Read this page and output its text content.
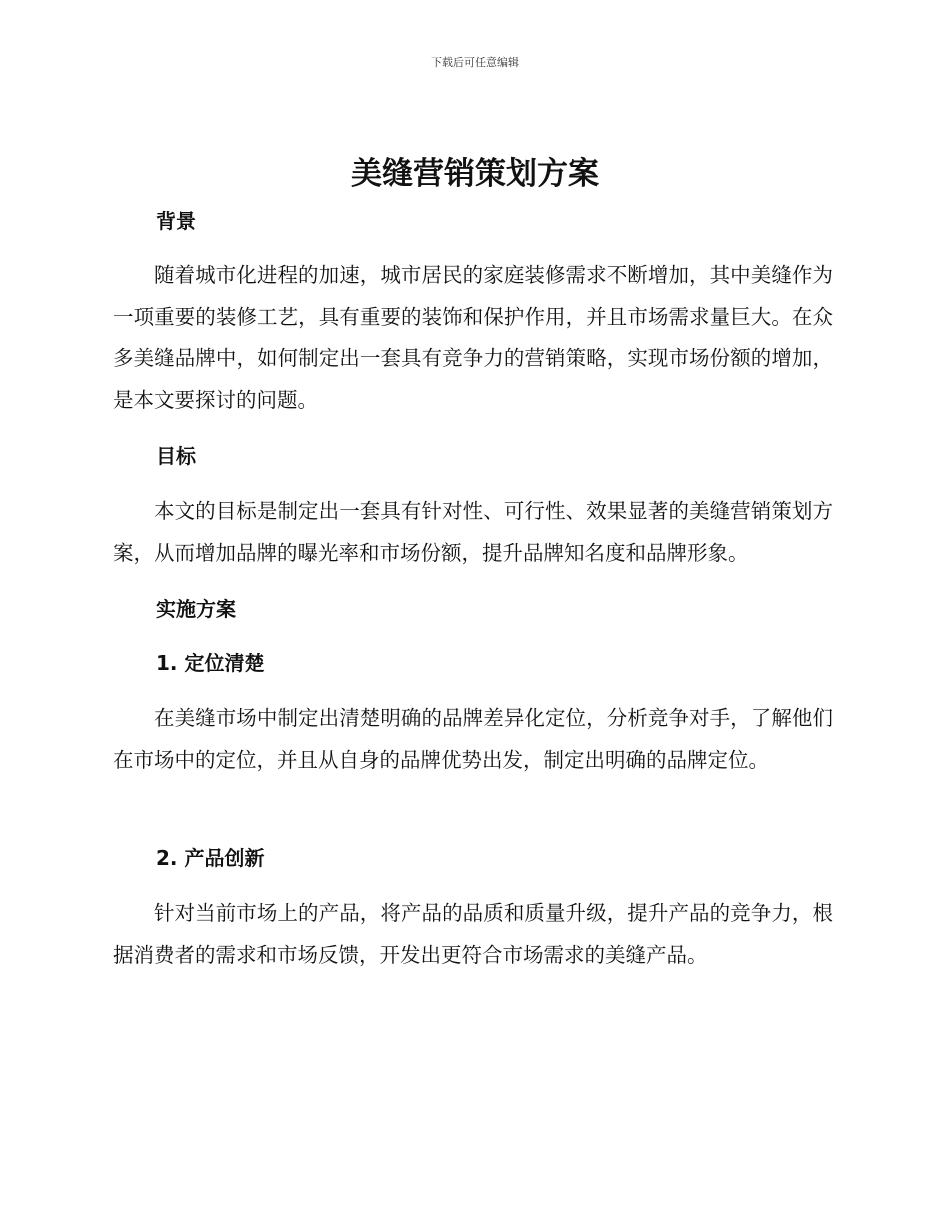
下载后可任意编辑
美缝营销策划方案
背景
随着城市化进程的加速，城市居民的家庭装修需求不断增加，其中美缝作为一项重要的装修工艺，具有重要的装饰和保护作用，并且市场需求量巨大。在众多美缝品牌中，如何制定出一套具有竞争力的营销策略，实现市场份额的增加，是本文要探讨的问题。
目标
本文的目标是制定出一套具有针对性、可行性、效果显著的美缝营销策划方案，从而增加品牌的曝光率和市场份额，提升品牌知名度和品牌形象。
实施方案
1. 定位清楚
在美缝市场中制定出清楚明确的品牌差异化定位，分析竞争对手，了解他们在市场中的定位，并且从自身的品牌优势出发，制定出明确的品牌定位。
2. 产品创新
针对当前市场上的产品，将产品的品质和质量升级，提升产品的竞争力，根据消费者的需求和市场反馈，开发出更符合市场需求的美缝产品。
